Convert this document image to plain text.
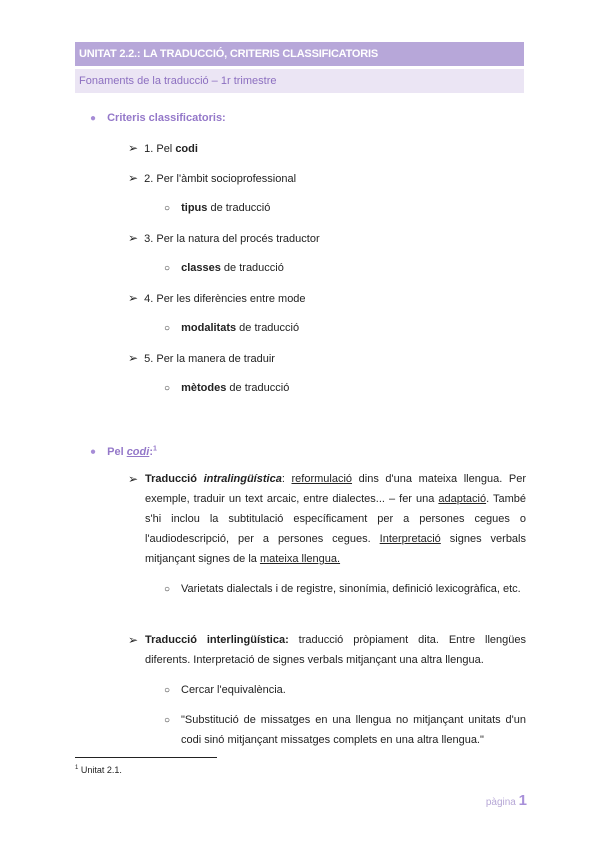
UNITAT 2.2.: LA TRADUCCIÓ, CRITERIS CLASSIFICATORIS
Fonaments de la traducció – 1r trimestre
● Criteris classificatoris:
➢ 1. Pel codi
➢ 2. Per l'àmbit socioprofessional
○ tipus de traducció
➢ 3. Per la natura del procés traductor
○ classes de traducció
➢ 4. Per les diferències entre mode
○ modalitats de traducció
➢ 5. Per la manera de traduir
○ mètodes de traducció
● Pel codi:$^1$
➢ Traducció intralingüística: reformulació dins d'una mateixa llengua. Per exemple, traduir un text arcaic, entre dialectes... – fer una adaptació. També s'hi inclou la subtitulació específicament per a persones cegues o l'audiodescripció, per a persones cegues. Interpretació signes verbals mitjançant signes de la mateixa llengua.
○ Varietats dialectals i de registre, sinonímia, definició lexicogràfica, etc.
➢ Traducció interlingüística: traducció pròpiament dita. Entre llengües diferents. Interpretació de signes verbals mitjançant una altra llengua.
○ Cercar l'equivalència.
○ "Substitució de missatges en una llengua no mitjançant unitats d'un codi sinó mitjançant missatges complets en una altra llengua."
$^1$ Unitat 2.1.
pàgina 1
